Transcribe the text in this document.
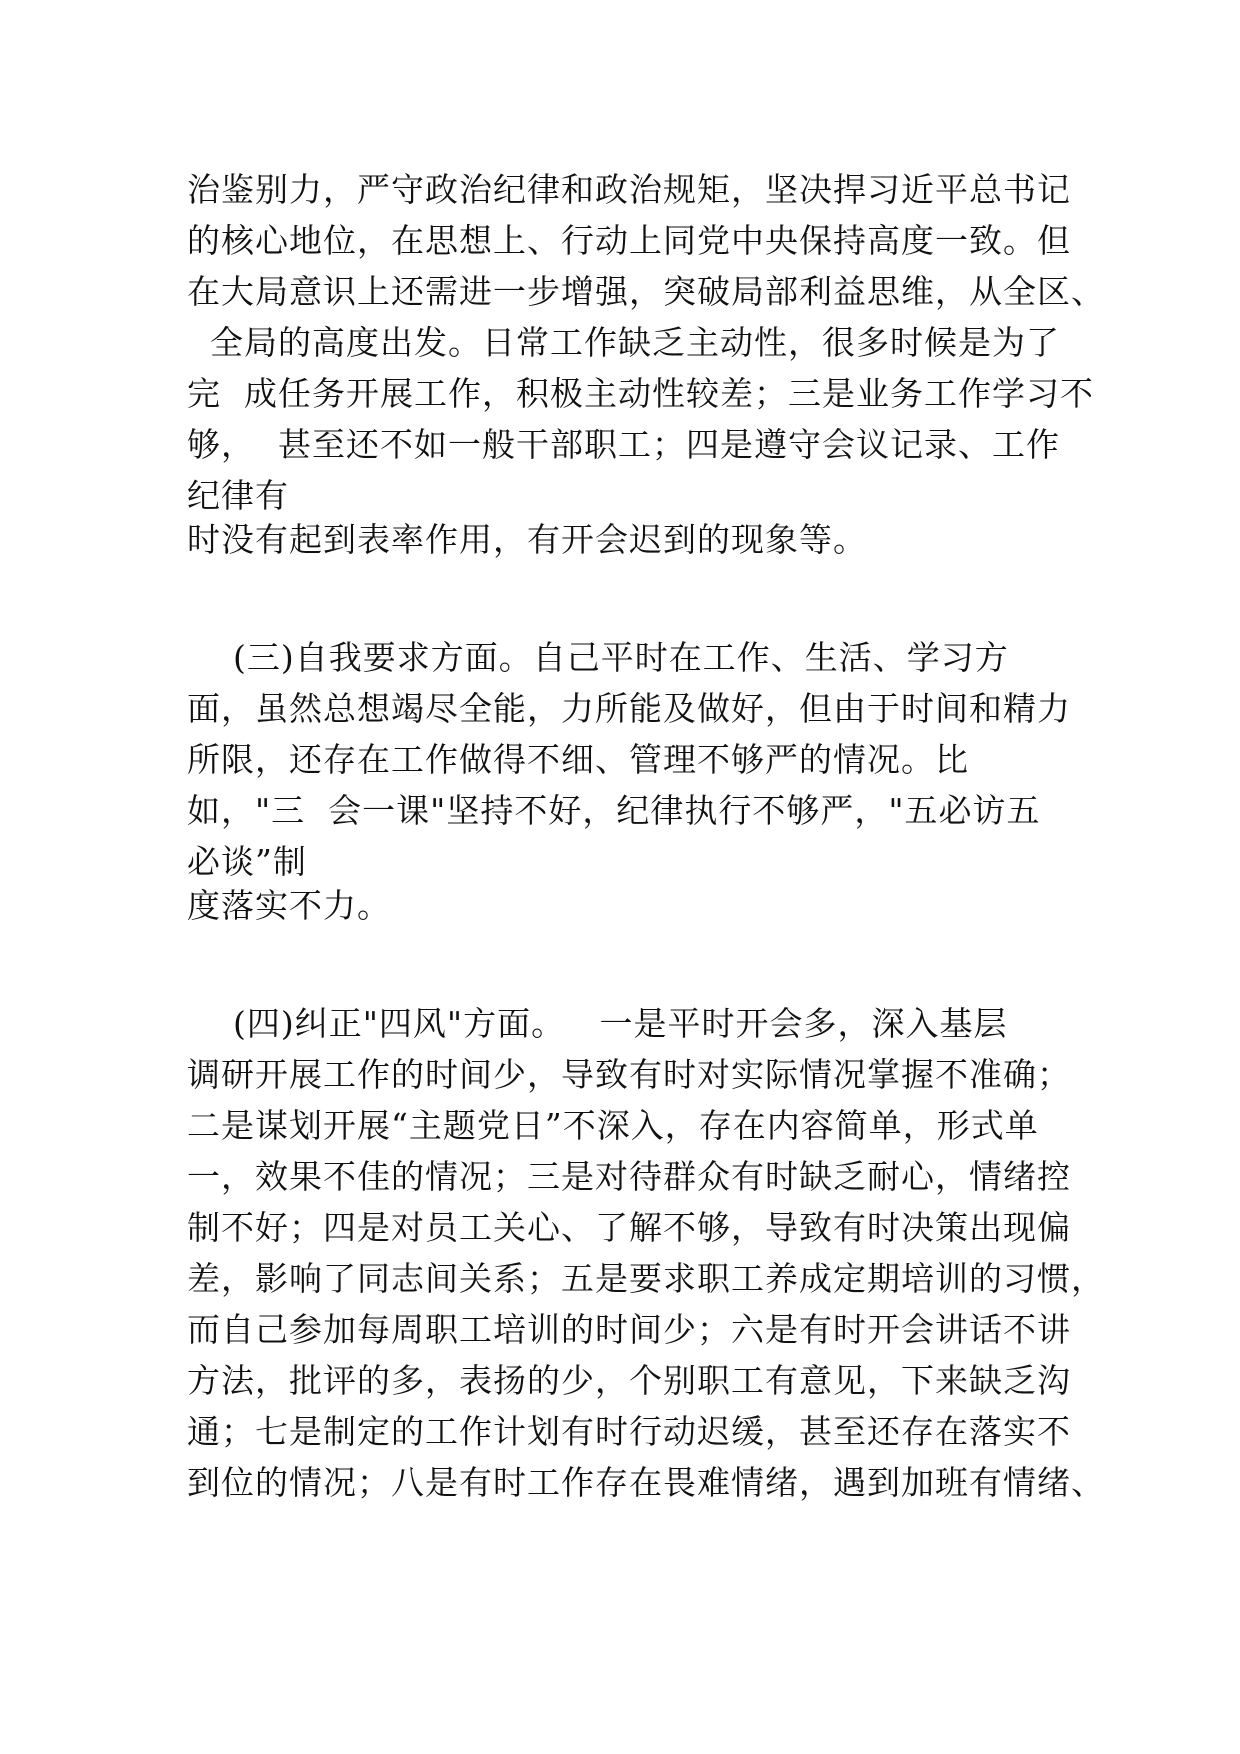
治鉴别力，严守政治纪律和政治规矩，坚决捍习近平总书记
的核心地位，在思想上、行动上同党中央保持高度一致。但
在大局意识上还需进一步增强，突破局部利益思维，从全区、
全局的高度出发。日常工作缺乏主动性，很多时候是为了
完  成任务开展工作，积极主动性较差；三是业务工作学习不
够，  甚至还不如一般干部职工；四是遵守会议记录、工作
纪律有
时没有起到表率作用，有开会迟到的现象等。
(三)自我要求方面。自己平时在工作、生活、学习方
面，虽然总想竭尽全能，力所能及做好，但由于时间和精力
所限，还存在工作做得不细、管理不够严的情况。比
如，"三  会一课"坚持不好，纪律执行不够严，"五必访五
必谈”制
度落实不力。
(四)纠正"四风"方面。   一是平时开会多，深入基层
调研开展工作的时间少，导致有时对实际情况掌握不准确；
二是谋划开展“主题党日”不深入，存在内容简单，形式单
一，效果不佳的情况；三是对待群众有时缺乏耐心，情绪控
制不好；四是对员工关心、了解不够，导致有时决策出现偏
差，影响了同志间关系；五是要求职工养成定期培训的习惯，
而自己参加每周职工培训的时间少；六是有时开会讲话不讲
方法，批评的多，表扬的少，个别职工有意见，下来缺乏沟
通；七是制定的工作计划有时行动迟缓，甚至还存在落实不
到位的情况；八是有时工作存在畏难情绪，遇到加班有情绪、
